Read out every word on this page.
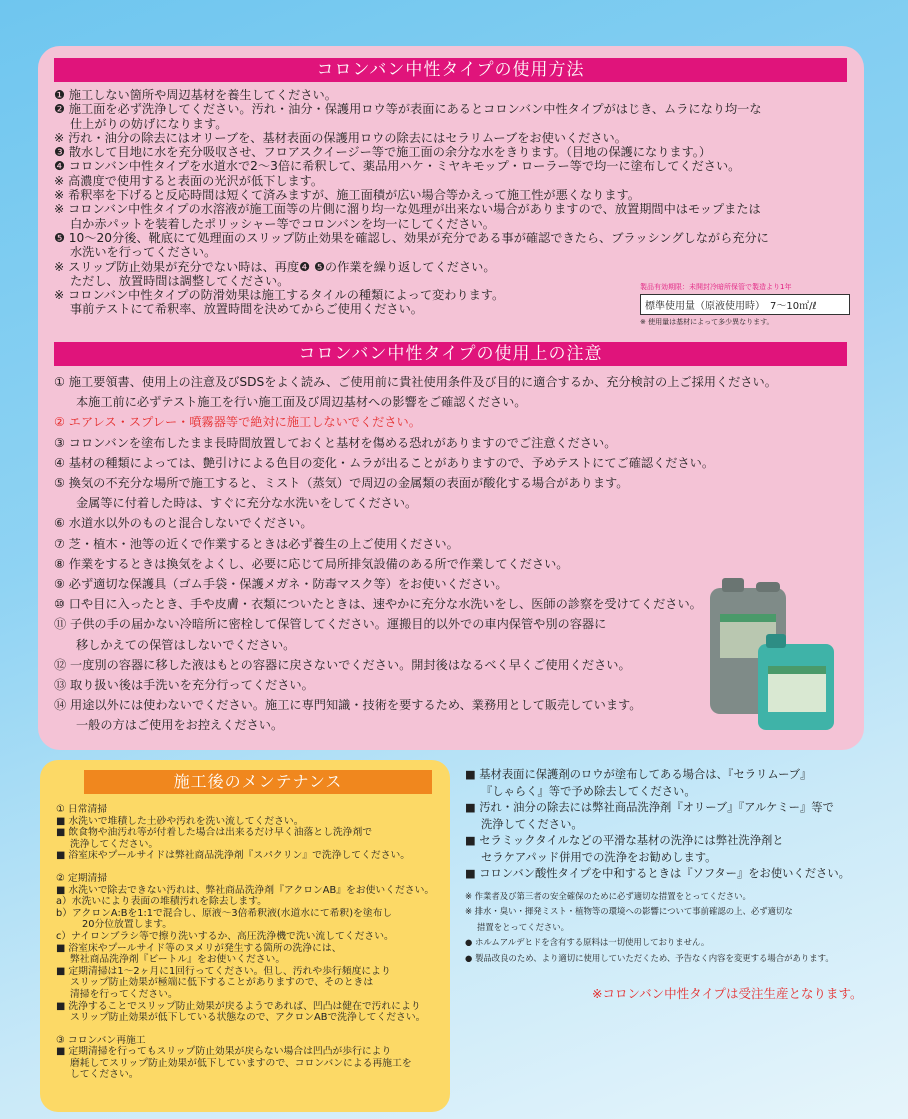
コロンバン中性タイプの使用方法
❶ 施工しない箇所や周辺基材を養生してください。
❷ 施工面を必ず洗浄してください。汚れ・油分・保護用ロウ等が表面にあるとコロンバン中性タイプがはじき、ムラになり均一な
仕上がりの妨げになります。
※ 汚れ・油分の除去にはオリーブを、基材表面の保護用ロウの除去にはセラリムーブをお使いください。
❸ 散水して目地に水を充分吸収させ、フロアスクイージー等で施工面の余分な水をきります。（目地の保護になります。）
❹ コロンバン中性タイプを水道水で2〜3倍に希釈して、薬品用ハケ・ミヤキモップ・ローラー等で均一に塗布してください。
※ 高濃度で使用すると表面の光沢が低下します。
※ 希釈率を下げると反応時間は短くて済みますが、施工面積が広い場合等かえって施工性が悪くなります。
※ コロンバン中性タイプの水溶液が施工面等の片側に溜り均一な処理が出来ない場合がありますので、放置期間中はモップまたは
白か赤パットを装着したポリッシャー等でコロンバンを均一にしてください。
❺ 10〜20分後、靴底にて処理面のスリップ防止効果を確認し、効果が充分である事が確認できたら、ブラッシングしながら充分に
水洗いを行ってください。
※ スリップ防止効果が充分でない時は、再度❹ ❺の作業を繰り返してください。
ただし、放置時間は調整してください。
※ コロンバン中性タイプの防滑効果は施工するタイルの種類によって変わります。
事前テストにて希釈率、放置時間を決めてからご使用ください。
製品有効期限：未開封冷暗所保管で製造より1年
標準使用量（原液使用時）　7〜10㎡/ℓ
※ 使用量は基材によって多少異なります。
コロンバン中性タイプの使用上の注意
① 施工要領書、使用上の注意及びSDSをよく読み、ご使用前に貴社使用条件及び目的に適合するか、充分検討の上ご採用ください。
本施工前に必ずテスト施工を行い施工面及び周辺基材への影響をご確認ください。
② エアレス・スプレー・噴霧器等で絶対に施工しないでください。
③ コロンバンを塗布したまま長時間放置しておくと基材を傷める恐れがありますのでご注意ください。
④ 基材の種類によっては、艶引けによる色目の変化・ムラが出ることがありますので、予めテストにてご確認ください。
⑤ 換気の不充分な場所で施工すると、ミスト（蒸気）で周辺の金属類の表面が酸化する場合があります。
金属等に付着した時は、すぐに充分な水洗いをしてください。
⑥ 水道水以外のものと混合しないでください。
⑦ 芝・植木・池等の近くで作業するときは必ず養生の上ご使用ください。
⑧ 作業をするときは換気をよくし、必要に応じて局所排気設備のある所で作業してください。
⑨ 必ず適切な保護具（ゴム手袋・保護メガネ・防毒マスク等）をお使いください。
⑩ 口や目に入ったとき、手や皮膚・衣類についたときは、速やかに充分な水洗いをし、医師の診察を受けてください。
⑪ 子供の手の届かない冷暗所に密栓して保管してください。運搬目的以外での車内保管や別の容器に
移しかえての保管はしないでください。
⑫ 一度別の容器に移した液はもとの容器に戻さないでください。開封後はなるべく早くご使用ください。
⑬ 取り扱い後は手洗いを充分行ってください。
⑭ 用途以外には使わないでください。施工に専門知識・技術を要するため、業務用として販売しています。
一般の方はご使用をお控えください。
施工後のメンテナンス
① 日常清掃
■ 水洗いで堆積した土砂や汚れを洗い流してください。
■ 飲食物や油汚れ等が付着した場合は出来るだけ早く油落とし洗浄剤で
洗浄してください。
■ 浴室床やプールサイドは弊社商品洗浄剤『スパクリン』で洗浄してください。
② 定期清掃
■ 水洗いで除去できない汚れは、弊社商品洗浄剤『アクロンAB』をお使いください。
a）水洗いにより表面の堆積汚れを除去します。
b）アクロンA:Bを1:1で混合し、原液〜3倍希釈液(水道水にて希釈)を塗布し
20分位放置します。
c）ナイロンブラシ等で擦り洗いするか、高圧洗浄機で洗い流してください。
■ 浴室床やプールサイド等のヌメリが発生する箇所の洗浄には、
弊社商品洗浄剤『ビートル』をお使いください。
■ 定期清掃は1〜2ヶ月に1回行ってください。但し、汚れや歩行頻度により
スリップ防止効果が極端に低下することがありますので、そのときは
清掃を行ってください。
■ 洗浄することでスリップ防止効果が戻るようであれば、凹凸は健在で汚れにより
スリップ防止効果が低下している状態なので、アクロンABで洗浄してください。
③ コロンバン再施工
■ 定期清掃を行ってもスリップ防止効果が戻らない場合は凹凸が歩行により
磨耗してスリップ防止効果が低下していますので、コロンバンによる再施工を
してください。
■ 基材表面に保護剤のロウが塗布してある場合は、『セラリムーブ』
『しゃらく』等で予め除去してください。
■ 汚れ・油分の除去には弊社商品洗浄剤『オリーブ』『アルケミー』等で
洗浄してください。
■ セラミックタイルなどの平滑な基材の洗浄には弊社洗浄剤と
セラケアパッド併用での洗浄をお勧めします。
■ コロンバン酸性タイプを中和するときは『ソフター』をお使いください。
※ 作業者及び第三者の安全確保のために必ず適切な措置をとってください。
※ 排水・臭い・揮発ミスト・植物等の環境への影響について事前確認の上、必ず適切な
措置をとってください。
● ホルムアルデヒドを含有する原料は一切使用しておりません。
● 製品改良のため、より適切に使用していただくため、予告なく内容を変更する場合があります。
※コロンバン中性タイプは受注生産となります。
